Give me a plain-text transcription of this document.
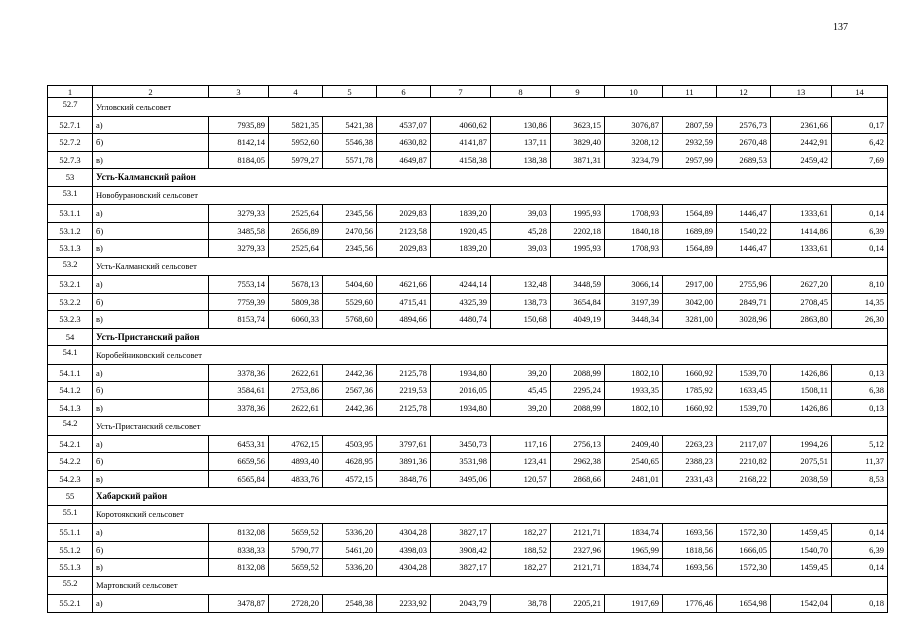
137
1	2	3	4	5	6	7	8	9	10	11	12	13	14
52.7	Угловский сельсовет												
52.7.1	а)	7935,89	5821,35	5421,38	4537,07	4060,62	130,86	3623,15	3076,87	2807,59	2576,73	2361,66	0,17
52.7.2	б)	8142,14	5952,60	5546,38	4630,82	4141,87	137,11	3829,40	3208,12	2932,59	2670,48	2442,91	6,42
52.7.3	в)	8184,05	5979,27	5571,78	4649,87	4158,38	138,38	3871,31	3234,79	2957,99	2689,53	2459,42	7,69
53	Усть-Калманский район												
53.1	Новобурановский сельсовет												
53.1.1	а)	3279,33	2525,64	2345,56	2029,83	1839,20	39,03	1995,93	1708,93	1564,89	1446,47	1333,61	0,14
53.1.2	б)	3485,58	2656,89	2470,56	2123,58	1920,45	45,28	2202,18	1840,18	1689,89	1540,22	1414,86	6,39
53.1.3	в)	3279,33	2525,64	2345,56	2029,83	1839,20	39,03	1995,93	1708,93	1564,89	1446,47	1333,61	0,14
53.2	Усть-Калманский сельсовет												
53.2.1	а)	7553,14	5678,13	5404,60	4621,66	4244,14	132,48	3448,59	3066,14	2917,00	2755,96	2627,20	8,10
53.2.2	б)	7759,39	5809,38	5529,60	4715,41	4325,39	138,73	3654,84	3197,39	3042,00	2849,71	2708,45	14,35
53.2.3	в)	8153,74	6060,33	5768,60	4894,66	4480,74	150,68	4049,19	3448,34	3281,00	3028,96	2863,80	26,30
54	Усть-Пристанский район												
54.1	Коробейниковский сельсовет												
54.1.1	а)	3378,36	2622,61	2442,36	2125,78	1934,80	39,20	2088,99	1802,10	1660,92	1539,70	1426,86	0,13
54.1.2	б)	3584,61	2753,86	2567,36	2219,53	2016,05	45,45	2295,24	1933,35	1785,92	1633,45	1508,11	6,38
54.1.3	в)	3378,36	2622,61	2442,36	2125,78	1934,80	39,20	2088,99	1802,10	1660,92	1539,70	1426,86	0,13
54.2	Усть-Пристанский сельсовет												
54.2.1	а)	6453,31	4762,15	4503,95	3797,61	3450,73	117,16	2756,13	2409,40	2263,23	2117,07	1994,26	5,12
54.2.2	б)	6659,56	4893,40	4628,95	3891,36	3531,98	123,41	2962,38	2540,65	2388,23	2210,82	2075,51	11,37
54.2.3	в)	6565,84	4833,76	4572,15	3848,76	3495,06	120,57	2868,66	2481,01	2331,43	2168,22	2038,59	8,53
55	Хабарский район												
55.1	Коротоякский сельсовет												
55.1.1	а)	8132,08	5659,52	5336,20	4304,28	3827,17	182,27	2121,71	1834,74	1693,56	1572,30	1459,45	0,14
55.1.2	б)	8338,33	5790,77	5461,20	4398,03	3908,42	188,52	2327,96	1965,99	1818,56	1666,05	1540,70	6,39
55.1.3	в)	8132,08	5659,52	5336,20	4304,28	3827,17	182,27	2121,71	1834,74	1693,56	1572,30	1459,45	0,14
55.2	Мартовский сельсовет												
55.2.1	а)	3478,87	2728,20	2548,38	2233,92	2043,79	38,78	2205,21	1917,69	1776,46	1654,98	1542,04	0,18
